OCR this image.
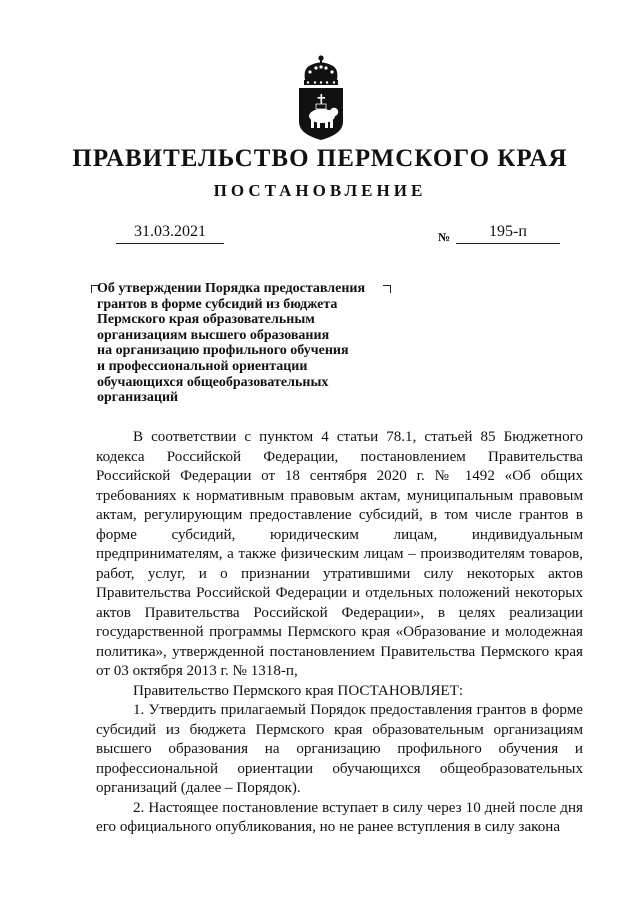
ПРАВИТЕЛЬСТВО ПЕРМСКОГО КРАЯ
ПОСТАНОВЛЕНИЕ
31.03.2021	№	195-п
Об утверждении Порядка предоставления
грантов в форме субсидий из бюджета
Пермского края образовательным
организациям высшего образования
на организацию профильного обучения
и профессиональной ориентации
обучающихся общеобразовательных
организаций

В соответствии с пунктом 4 статьи 78.1, статьей 85 Бюджетного кодекса Российской Федерации, постановлением Правительства Российской Федерации от 18 сентября 2020 г. № 1492 «Об общих требованиях к нормативным правовым актам, муниципальным правовым актам, регулирующим предоставление субсидий, в том числе грантов в форме субсидий, юридическим лицам, индивидуальным предпринимателям, а также физическим лицам – производителям товаров, работ, услуг, и о признании утратившими силу некоторых актов Правительства Российской Федерации и отдельных положений некоторых актов Правительства Российской Федерации», в целях реализации государственной программы Пермского края «Образование и молодежная политика», утвержденной постановлением Правительства Пермского края от 03 октября 2013 г. № 1318-п,

Правительство Пермского края ПОСТАНОВЛЯЕТ:

1. Утвердить прилагаемый Порядок предоставления грантов в форме субсидий из бюджета Пермского края образовательным организациям высшего образования на организацию профильного обучения и профессиональной ориентации обучающихся общеобразовательных организаций (далее – Порядок).

2. Настоящее постановление вступает в силу через 10 дней после дня его официального опубликования, но не ранее вступления в силу закона
